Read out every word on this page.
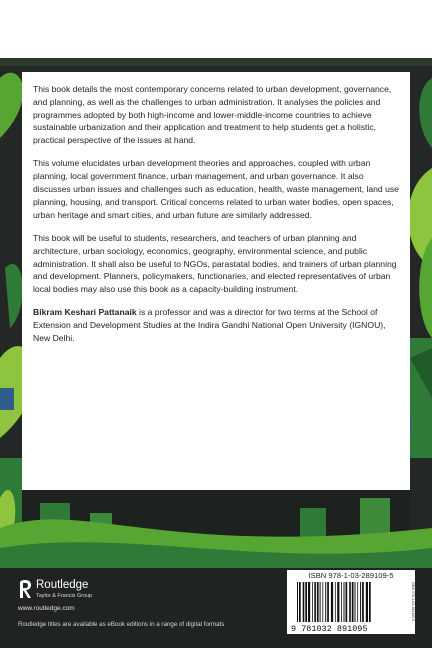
This book details the most contemporary concerns related to urban development, governance, and planning, as well as the challenges to urban administration. It analyses the policies and programmes adopted by both high-income and lower-middle-income countries to achieve sustainable urbanization and their application and treatment to help students get a holistic, practical perspective of the issues at hand.

This volume elucidates urban development theories and approaches, coupled with urban planning, local government finance, urban management, and urban governance. It also discusses urban issues and challenges such as education, health, waste management, land use planning, housing, and transport. Critical concerns related to urban water bodies, open spaces, urban heritage and smart cities, and urban future are similarly addressed.

This book will be useful to students, researchers, and teachers of urban planning and architecture, urban sociology, economics, geography, environmental science, and public administration. It shall also be useful to NGOs, parastatal bodies, and trainers of urban planning and development. Planners, policymakers, functionaries, and elected representatives of urban local bodies may also use this book as a capacity-building instrument.

Bikram Keshari Pattanaik is a professor and was a director for two terms at the School of Extension and Development Studies at the Indira Gandhi National Open University (IGNOU), New Delhi.

Routledge
Taylor & Francis Group
www.routledge.com
Routledge titles are available as eBook editions in a range of digital formats
ISBN 978-1-03-289109-5
9 781032 891095
ISBN 978-1-03-289109-5
